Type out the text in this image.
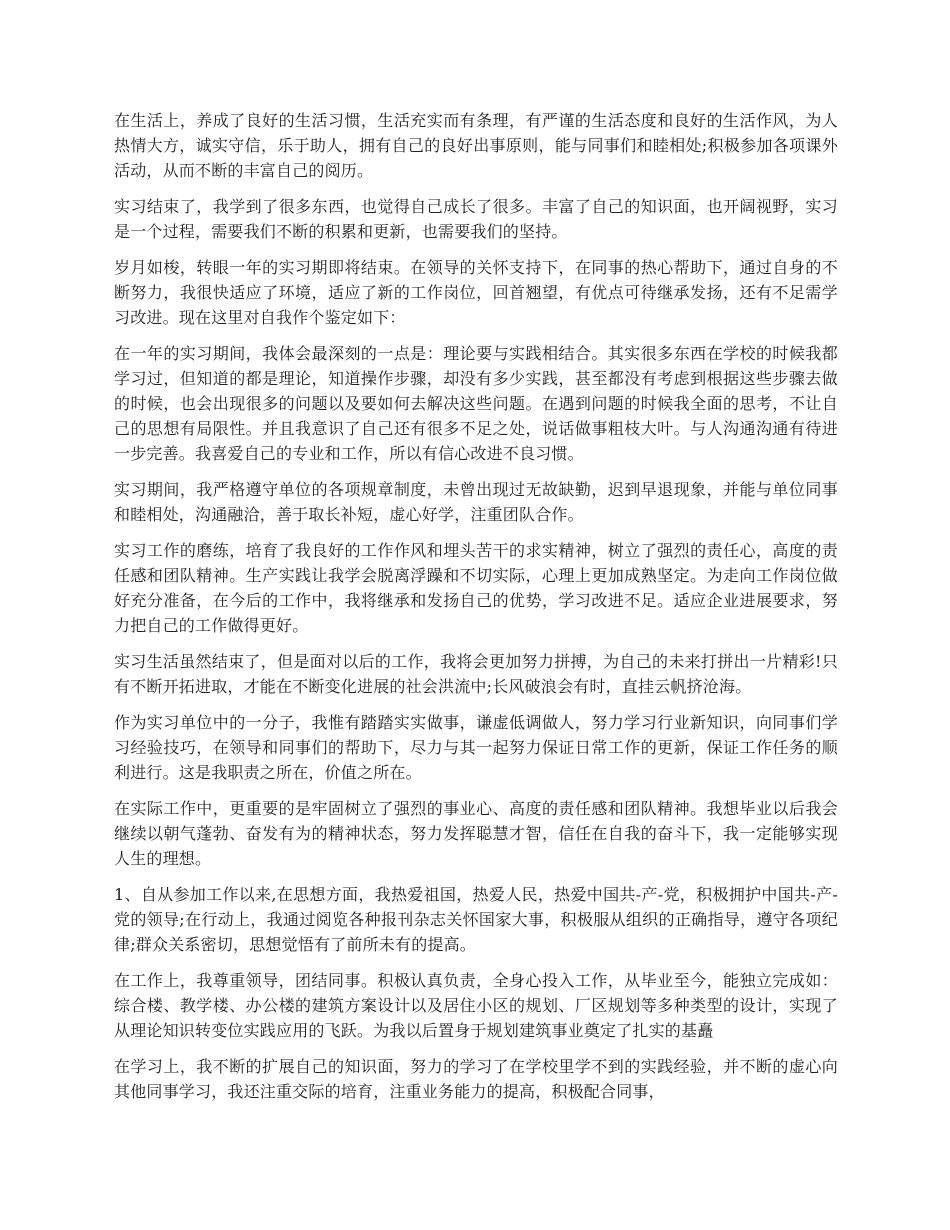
在生活上，养成了良好的生活习惯，生活充实而有条理，有严谨的生活态度和良好的生活作风，为人热情大方，诚实守信，乐于助人，拥有自己的良好出事原则，能与同事们和睦相处;积极参加各项课外活动，从而不断的丰富自己的阅历。

实习结束了，我学到了很多东西，也觉得自己成长了很多。丰富了自己的知识面，也开阔视野，实习是一个过程，需要我们不断的积累和更新，也需要我们的坚持。

岁月如梭，转眼一年的实习期即将结束。在领导的关怀支持下，在同事的热心帮助下，通过自身的不断努力，我很快适应了环境，适应了新的工作岗位，回首翘望，有优点可待继承发扬，还有不足需学习改进。现在这里对自我作个鉴定如下：

在一年的实习期间，我体会最深刻的一点是：理论要与实践相结合。其实很多东西在学校的时候我都学习过，但知道的都是理论，知道操作步骤，却没有多少实践，甚至都没有考虑到根据这些步骤去做的时候，也会出现很多的问题以及要如何去解决这些问题。在遇到问题的时候我全面的思考，不让自己的思想有局限性。并且我意识了自己还有很多不足之处，说话做事粗枝大叶。与人沟通沟通有待进一步完善。我喜爱自己的专业和工作，所以有信心改进不良习惯。

实习期间，我严格遵守单位的各项规章制度，未曾出现过无故缺勤，迟到早退现象，并能与单位同事和睦相处，沟通融洽，善于取长补短，虚心好学，注重团队合作。

实习工作的磨练，培育了我良好的工作作风和埋头苦干的求实精神，树立了强烈的责任心，高度的责任感和团队精神。生产实践让我学会脱离浮躁和不切实际，心理上更加成熟坚定。为走向工作岗位做好充分准备，在今后的工作中，我将继承和发扬自己的优势，学习改进不足。适应企业进展要求，努力把自己的工作做得更好。

实习生活虽然结束了，但是面对以后的工作，我将会更加努力拼搏，为自己的未来打拼出一片精彩!只有不断开拓进取，才能在不断变化进展的社会洪流中;长风破浪会有时，直挂云帆挤沧海。

作为实习单位中的一分子，我惟有踏踏实实做事，谦虚低调做人，努力学习行业新知识，向同事们学习经验技巧，在领导和同事们的帮助下，尽力与其一起努力保证日常工作的更新，保证工作任务的顺利进行。这是我职责之所在，价值之所在。

在实际工作中，更重要的是牢固树立了强烈的事业心、高度的责任感和团队精神。我想毕业以后我会继续以朝气蓬勃、奋发有为的精神状态，努力发挥聪慧才智，信任在自我的奋斗下，我一定能够实现人生的理想。

1、自从参加工作以来,在思想方面，我热爱祖国，热爱人民，热爱中国共-产-党，积极拥护中国共-产-党的领导;在行动上，我通过阅览各种报刊杂志关怀国家大事，积极服从组织的正确指导，遵守各项纪律;群众关系密切，思想觉悟有了前所未有的提高。

在工作上，我尊重领导，团结同事。积极认真负责，全身心投入工作，从毕业至今，能独立完成如：综合楼、教学楼、办公楼的建筑方案设计以及居住小区的规划、厂区规划等多种类型的设计，实现了从理论知识转变位实践应用的飞跃。为我以后置身于规划建筑事业奠定了扎实的基矗

在学习上，我不断的扩展自己的知识面，努力的学习了在学校里学不到的实践经验，并不断的虚心向其他同事学习，我还注重交际的培育，注重业务能力的提高，积极配合同事，
